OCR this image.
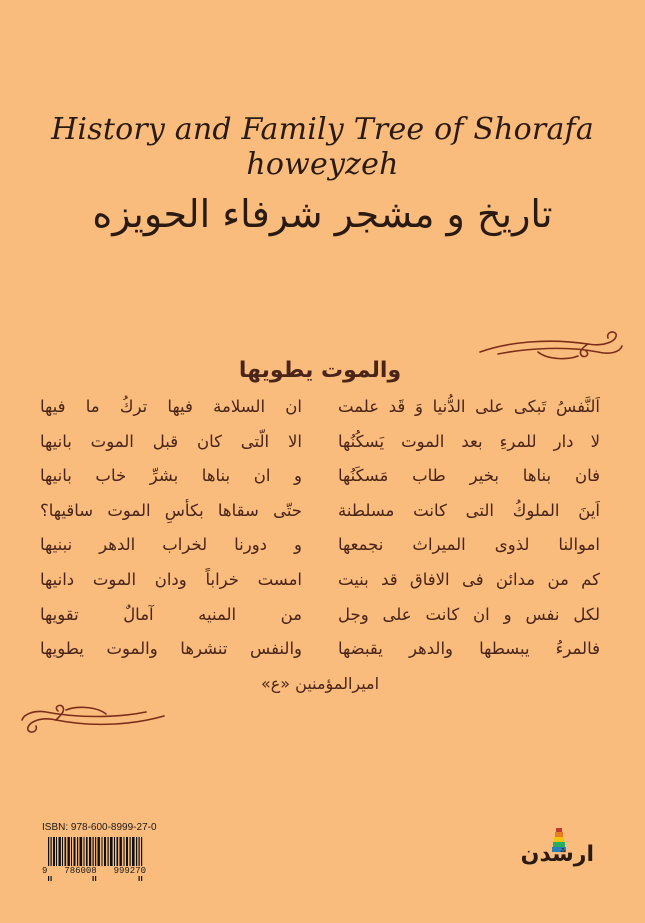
History and Family Tree of Shorafa howeyzeh
تاریخ و مشجر شرفاء الحویزه
والموت يطويها
اَلنَّفسُ تَبكى على الدُّنيا وَ قَد علمت
ان السلامة فيها تركُ ما فيها
لا دار للمرءِ بعد الموت يَسكُنُها
الا الّتى كان قبل الموت بانيها
فان بناها بخير طاب مَسكَنُها
و ان بناها بشرِّ خاب بانيها
اَينَ الملوكُ التى كانت مسلطنة
حتّى سقاها بكأسِ الموت ساقيها؟
اموالنا لذوى الميراث نجمعها
و دورنا لخراب الدهر نبنيها
كم من مدائن فى الافاق قد بنيت
امست خراباً ودان الموت دانيها
لكل نفس و ان كانت على وجل
من المنيه آمالٌ تقويها
فالمرءُ يبسطها والدهر يقبضها
والنفس تنشرها والموت يطويها
اميرالمؤمنين «ع»
ISBN: 978-600-8999-27-0
9 786008 999270
ارشدن
